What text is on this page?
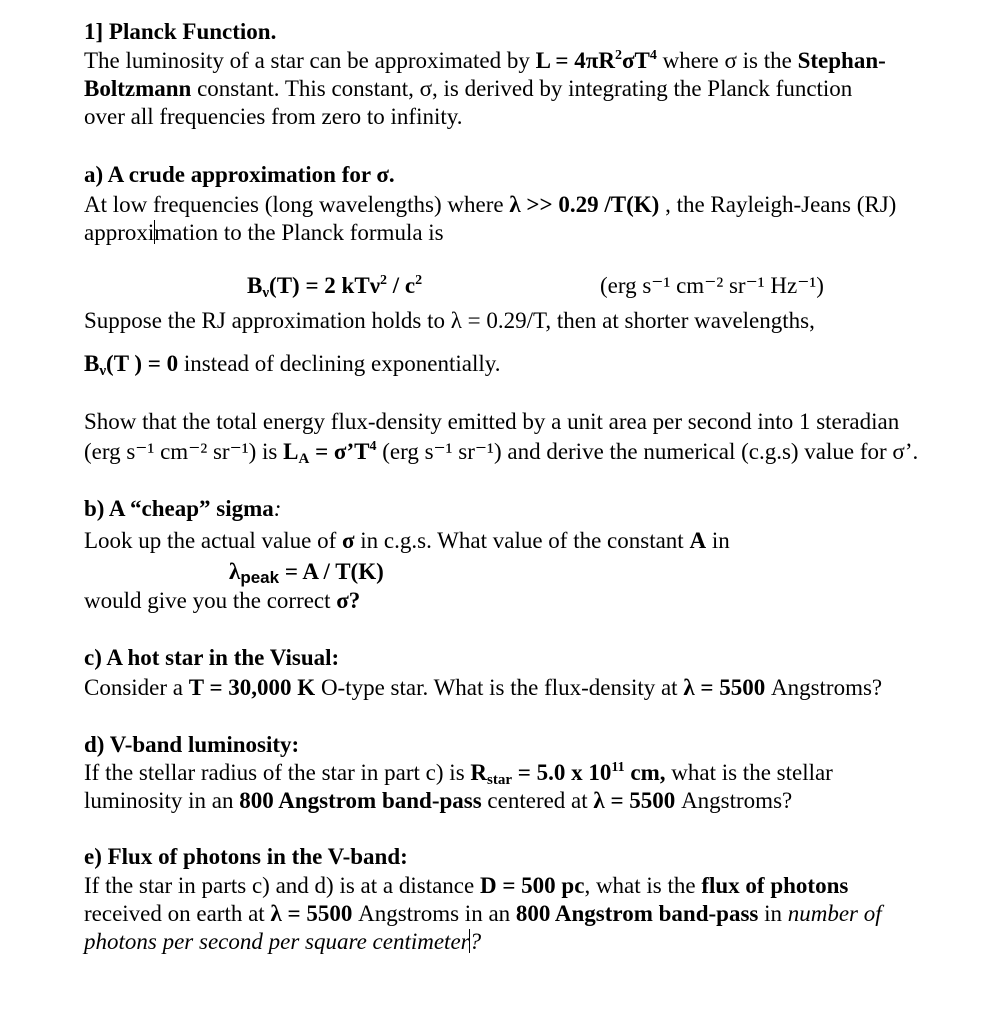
1] Planck Function.
The luminosity of a star can be approximated by $L = 4\pi R^2\sigma T^4$ where σ is the Stephan-
Boltzmann constant. This constant, σ, is derived by integrating the Planck function
over all frequencies from zero to infinity.
a) A crude approximation for σ.
At low frequencies (long wavelengths) where λ >> 0.29 /T(K) , the Rayleigh-Jeans (RJ)
approximation to the Planck formula is
$B_\nu(T) = 2$ $kT\nu^2 / c^2$	(erg s⁻¹ cm⁻² sr⁻¹ Hz⁻¹)
Suppose the RJ approximation holds to λ = 0.29/T, then at shorter wavelengths,
$B_\nu(T$ ) = 0 instead of declining exponentially.
Show that the total energy flux-density emitted by a unit area per second into 1 steradian
(erg s⁻¹ cm⁻² sr⁻¹) is $L_A$ = $\sigma’T^4$ (erg s⁻¹ sr⁻¹) and derive the numerical (c.g.s) value for σ’.
b) A “cheap” sigma:
Look up the actual value of σ in c.g.s. What value of the constant A in
$\lambda_{peak} = A / T(K)$
would give you the correct σ?
c) A hot star in the Visual:
Consider a T = 30,000 K O-type star. What is the flux-density at λ = 5500 Angstroms?
d) V-band luminosity:
If the stellar radius of the star in part c) is $R_{star} = 5.0$ x $10^{11}$ cm, what is the stellar
luminosity in an 800 Angstrom band-pass centered at λ = 5500 Angstroms?
e) Flux of photons in the V-band:
If the star in parts c) and d) is at a distance D = 500 pc, what is the flux of photons
received on earth at λ = 5500 Angstroms in an 800 Angstrom band-pass in number of
photons per second per square centimeter?
